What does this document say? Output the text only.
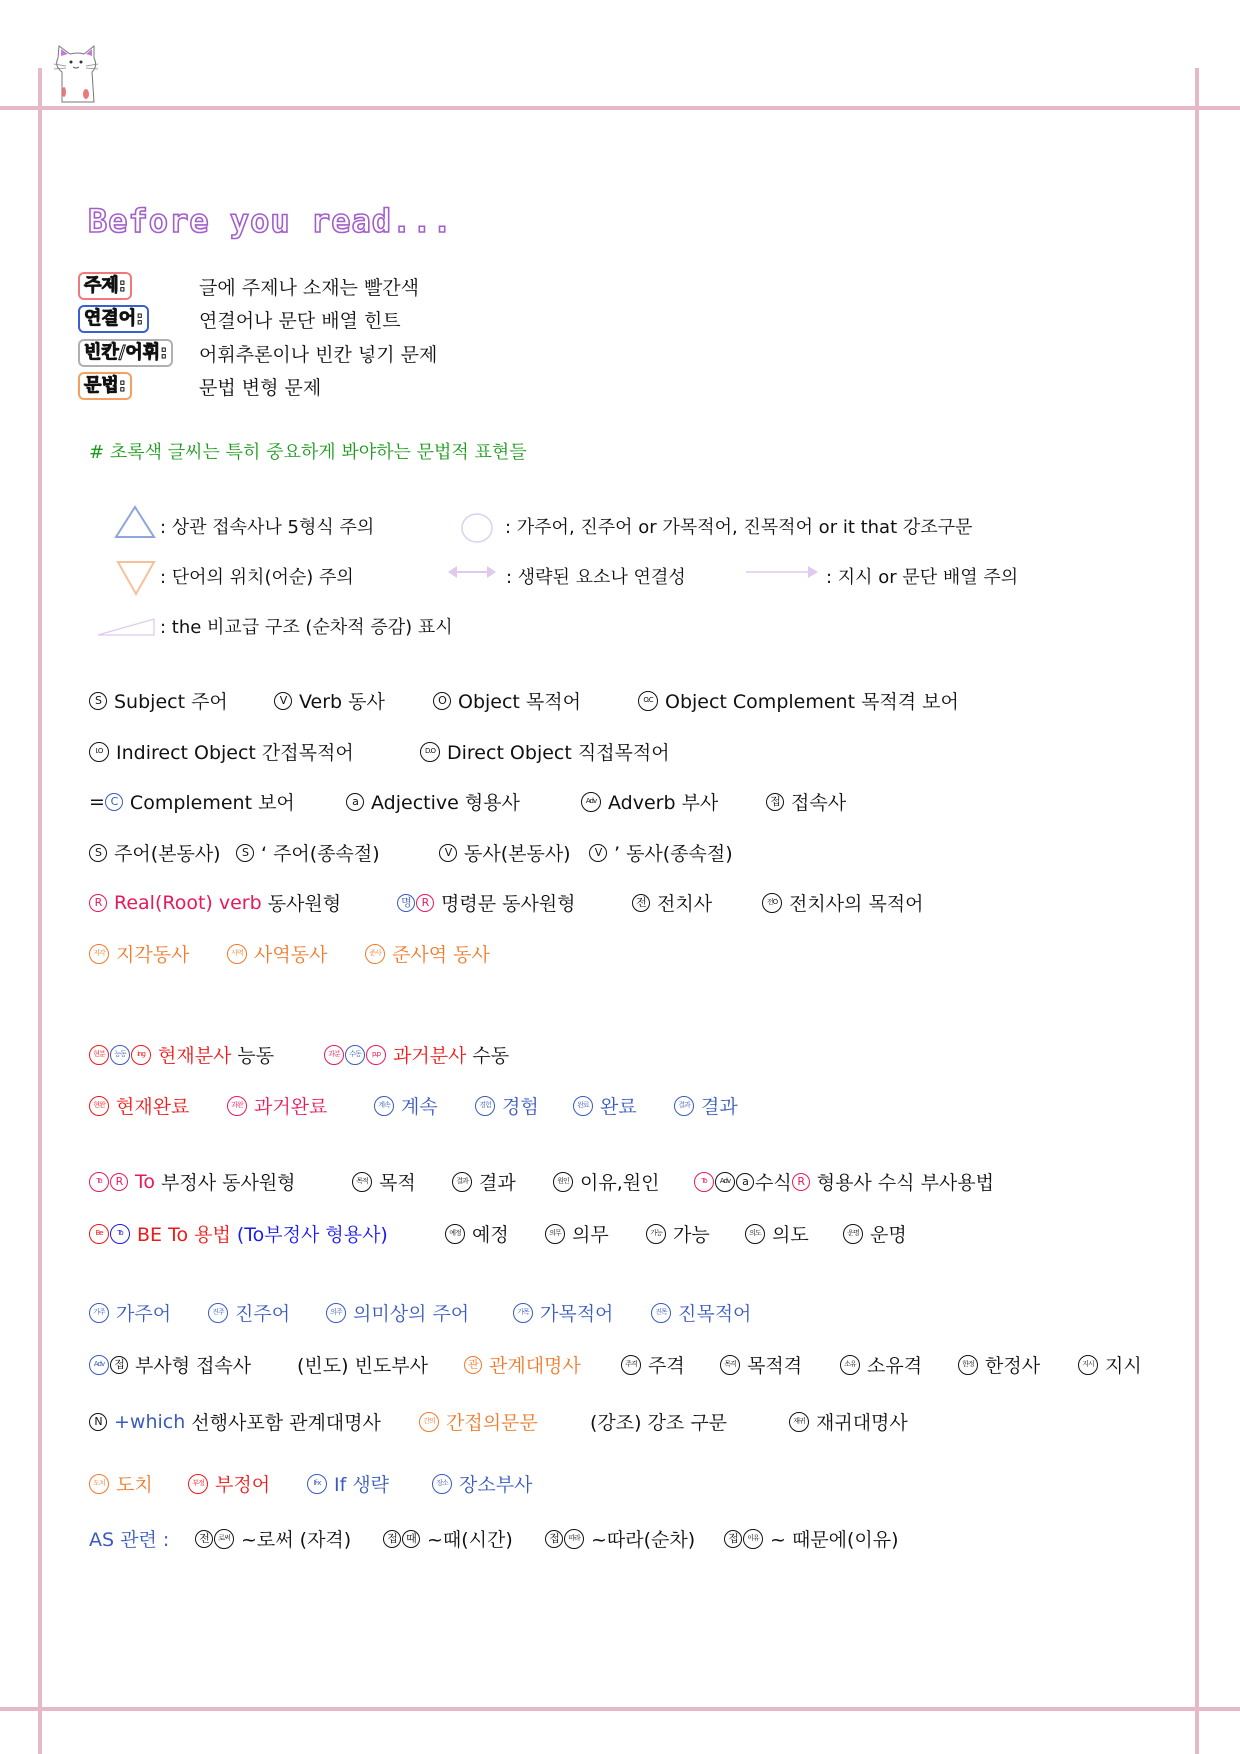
Before you read...
주제:	글에 주제나 소재는 빨간색
연결어:	연결어나 문단 배열 힌트
빈칸/어휘:	어휘추론이나 빈칸 넣기 문제
문법:	문법 변형 문제
# 초록색 글씨는 특히 중요하게 봐야하는 문법적 표현들
: 상관 접속사나 5형식 주의	: 가주어, 진주어 or 가목적어, 진목적어 or it that 강조구문
: 단어의 위치(어순) 주의	: 생략된 요소나 연결성	: 지시 or 문단 배열 주의
: the 비교급 구조 (순차적 증감) 표시
S Subject 주어	V Verb 동사	O Object 목적어	O.C Object Complement 목적격 보어
I.O Indirect Object 간접목적어	D.O Direct Object 직접목적어
= C Complement 보어	a Adjective 형용사	Adv Adverb 부사	접 접속사
S 주어(본동사)	S ‘ 주어(종속절)	V 동사(본동사)	V ’ 동사(종속절)
R Real(Root) verb 동사원형	명 R 명령문 동사원형	전 전치사	전O 전치사의 목적어
지각 지각동사	사역 사역동사	준사 준사역 동사
현분	능동	ing 현재분사 능동	과분	수동	p.p 과거분사 수동
현완 현재완료	과완 과거완료	계속 계속	경험 경험	완료 완료	결과 결과
To	R To 부정사 동사원형	목적 목적	결과 결과	원인 이유,원인	To	Adv	a 수식 R 형용사 수식 부사용법
Be	To BE To 용법 (To부정사 형용사)	예정 예정	의무 의무	가능 가능	의도 의도	운명 운명
가주 가주어	진주 진주어	의주 의미상의 주어	가목 가목적어	진목 진목적어
Adv 접 부사형 접속사 (빈도) 빈도부사	관 관계대명사	주격 주격	목격 목적격	소유 소유격	한정 한정사	지시 지시
N +which 선행사포함 관계대명사	간의 간접의문문	(강조) 강조 구문	재귀 재귀대명사
도치 도치	부정 부정어	If-x If 생략	장소 장소부사
AS 관련 :	전	로써 ~로써 (자격)	접 때 ~때(시간)	접	따라 ~따라(순차)	접	이유 ~ 때문에(이유)
